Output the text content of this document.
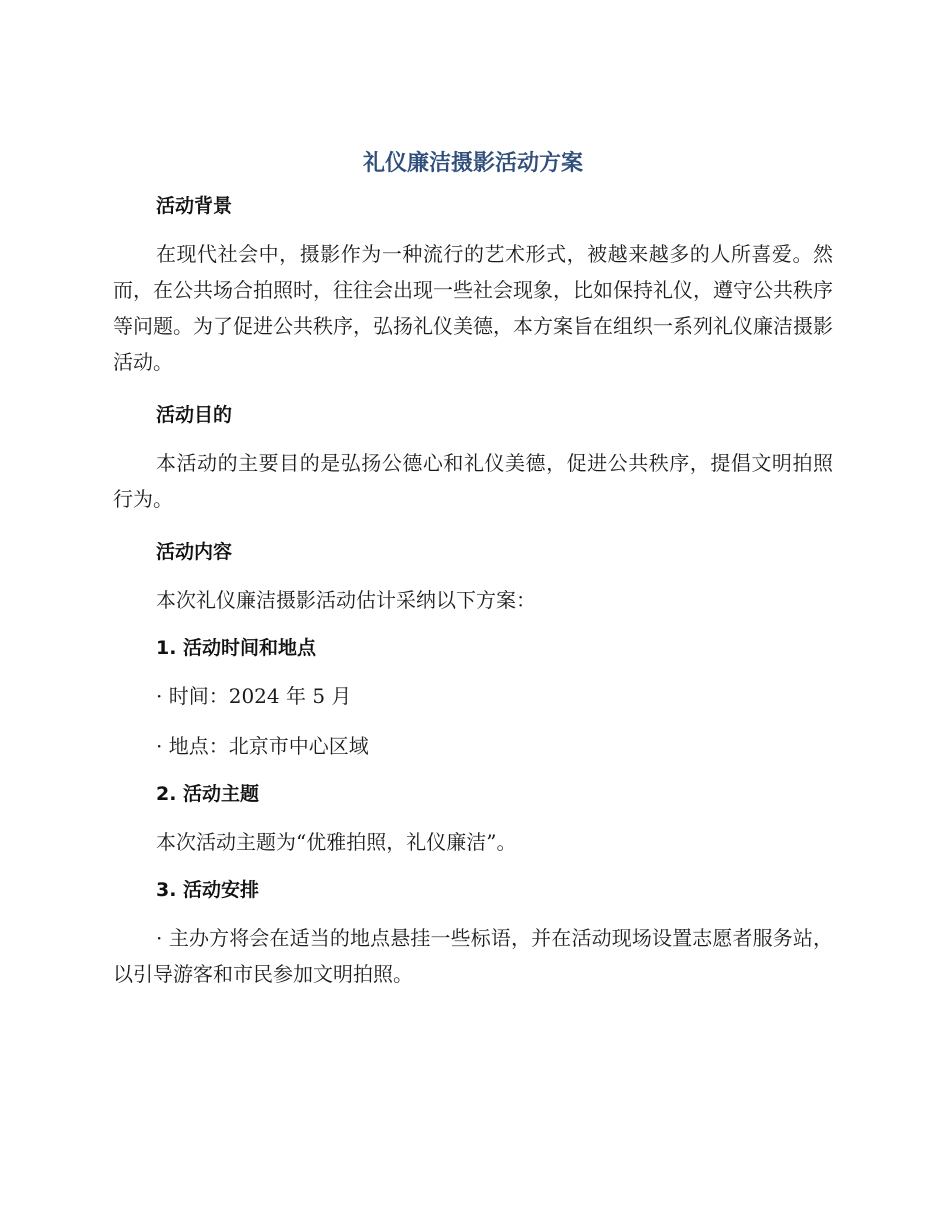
礼仪廉洁摄影活动方案
活动背景

在现代社会中，摄影作为一种流行的艺术形式，被越来越多的人所喜爱。然而，在公共场合拍照时，往往会出现一些社会现象，比如保持礼仪，遵守公共秩序等问题。为了促进公共秩序，弘扬礼仪美德，本方案旨在组织一系列礼仪廉洁摄影活动。

活动目的

本活动的主要目的是弘扬公德心和礼仪美德，促进公共秩序，提倡文明拍照行为。

活动内容

本次礼仪廉洁摄影活动估计采纳以下方案：

1. 活动时间和地点

· 时间：2024 年 5 月

· 地点：北京市中心区域

2. 活动主题

本次活动主题为“优雅拍照，礼仪廉洁”。

3. 活动安排

· 主办方将会在适当的地点悬挂一些标语，并在活动现场设置志愿者服务站，以引导游客和市民参加文明拍照。
